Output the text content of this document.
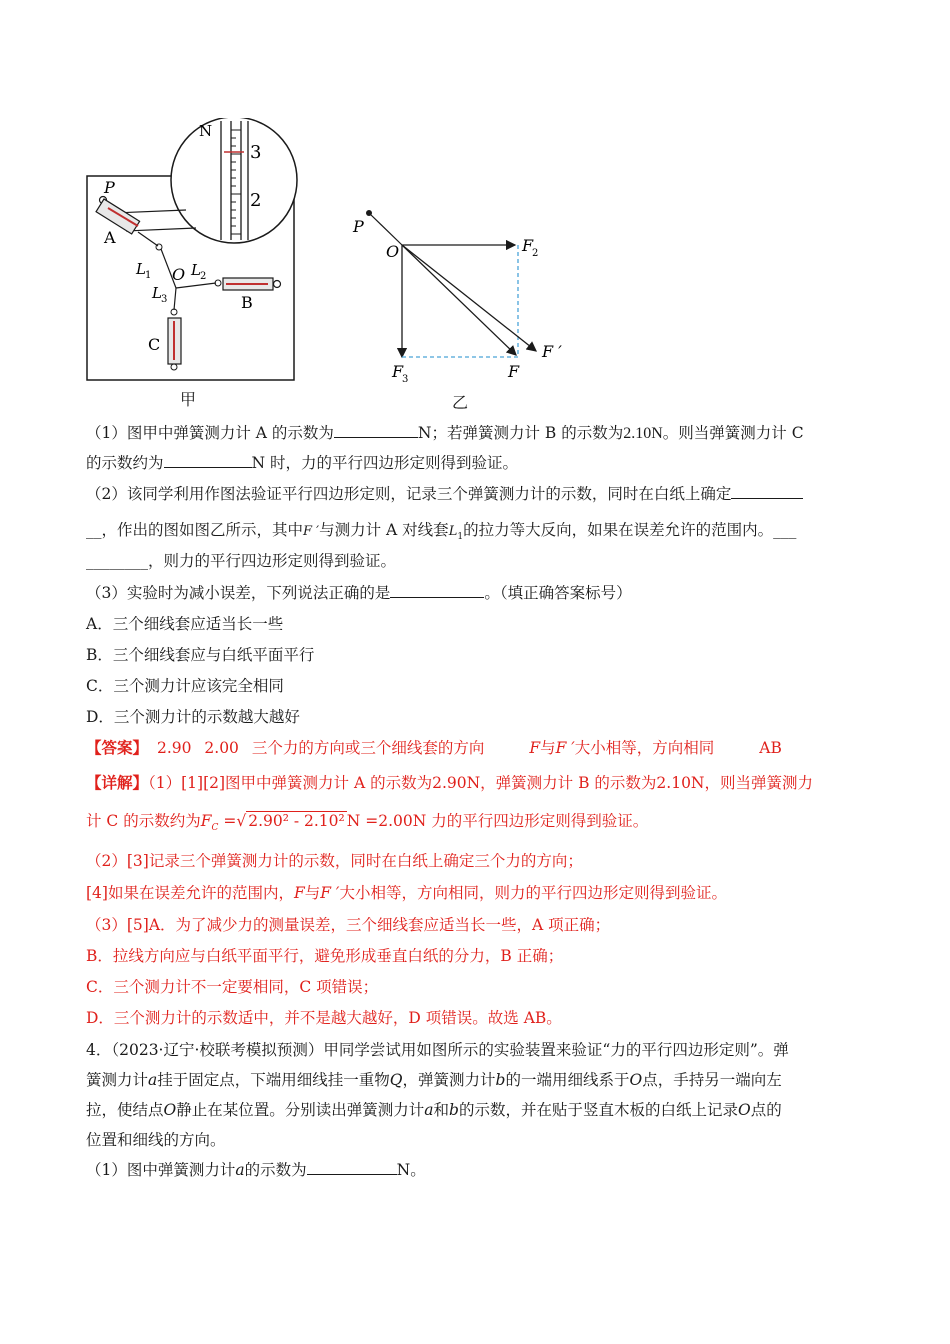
N
3
2
P
A
O
L 1	L 2
L 3	B
C
甲
P
O	F
2
F
3	F
F ′
乙
（1）图甲中弹簧测力计 A 的示数为	N；若弹簧测力计 B 的示数为2.10N。则当弹簧测力计 C
的示数约为	N 时，力的平行四边形定则得到验证。
（2）该同学利用作图法验证平行四边形定则，记录三个弹簧测力计的示数，同时在白纸上确定
__，作出的图如图乙所示，其中F ′与测力计 A 对线套$L_1$的拉力等大反向，如果在误差允许的范围内。___
________，则力的平行四边形定则得到验证。
（3）实验时为减小误差，下列说法正确的是	。（填正确答案标号）
A．三个细线套应适当长一些
B．三个细线套应与白纸平面平行
C．三个测力计应该完全相同
D．三个测力计的示数越大越好
【答案】 2.90 2.00 三个力的方向或三个细线套的方向	F与F ′大小相等，方向相同	AB
【详解】（1）[1][2]图甲中弹簧测力计 A 的示数为2.90N，弹簧测力计 B 的示数为2.10N，则当弹簧测力
计 C 的示数约为$F_C$ =√ 2.90² - 2.10² N =2.00N 力的平行四边形定则得到验证。
（2）[3]记录三个弹簧测力计的示数，同时在白纸上确定三个力的方向；
[4]如果在误差允许的范围内，F与F ′大小相等，方向相同，则力的平行四边形定则得到验证。
（3）[5]A．为了减少力的测量误差，三个细线套应适当长一些，A 项正确；
B．拉线方向应与白纸平面平行，避免形成垂直白纸的分力，B 正确；
C．三个测力计不一定要相同，C 项错误；
D．三个测力计的示数适中，并不是越大越好，D 项错误。故选 AB。
4．（2023·辽宁·校联考模拟预测）甲同学尝试用如图所示的实验装置来验证“力的平行四边形定则”。弹
簧测力计a挂于固定点，下端用细线挂一重物Q，弹簧测力计b的一端用细线系于O点，手持另一端向左
拉，使结点O静止在某位置。分别读出弹簧测力计a和b的示数，并在贴于竖直木板的白纸上记录O点的
位置和细线的方向。
（1）图中弹簧测力计a的示数为	N。
